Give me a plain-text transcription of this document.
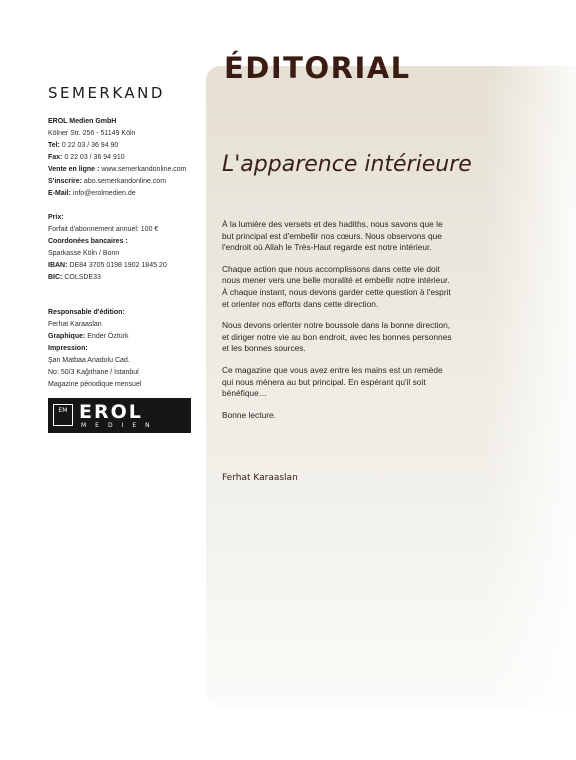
ÉDITORIAL
SEMERKAND
EROL Medien GmbH
Kölner Str. 256 - 51149 Köln
Tel: 0 22 03 / 36 94 90
Fax: 0 22 03 / 36 94 910
Vente en ligne : www.semerkandonline.com
S'inscrire: abo.semerkandonline.com
E-Mail: info@erolmedien.de
Prix:
Forfait d'abonnement annuel: 100 €
Coordonées bancaires :
Sparkasse Köln / Bonn
IBAN: DE84 3705 0198 1902 1845 20
BIC: COLSDE33
Responsable d'édition:
Ferhat Karaaslan
Graphique: Ender Öztürk
Impression:
Şan Matbaa Anadolu Cad.
No: 50/3 Kağıthane / İstanbul
Magazine périodique mensuel
EM EROL
MEDIEN
L'apparence intérieure

À la lumière des versets et des hadiths, nous savons que le but principal est d'embellir nos cœurs. Nous observons que l'endroit où Allah le Très-Haut regarde est notre intérieur.

Chaque action que nous accomplissons dans cette vie doit nous mener vers une belle moralité et embellir notre intérieur. À chaque instant, nous devons garder cette question à l'esprit et orienter nos efforts dans cette direction.

Nous devons orienter notre boussole dans la bonne direction, et diriger notre vie au bon endroit, avec les bonnes personnes et les bonnes sources.

Ce magazine que vous avez entre les mains est un remède qui nous mènera au but principal. En espérant qu'il soit bénéfique…

Bonne lecture.

Ferhat Karaaslan
